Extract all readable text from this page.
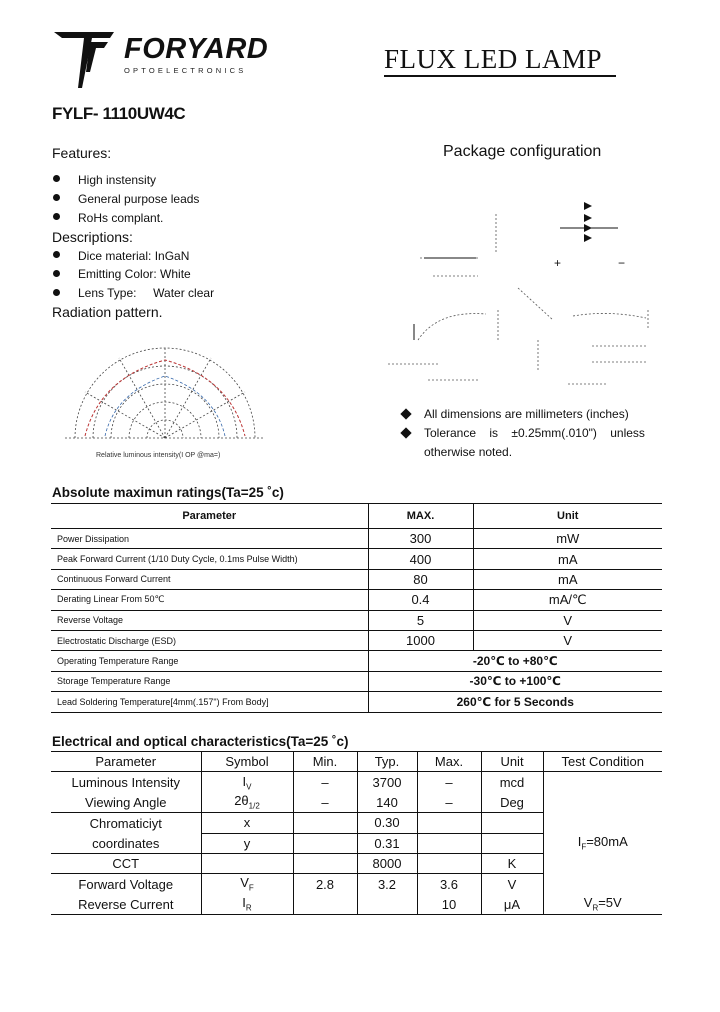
FORYARD
OPTOELECTRONICS	FLUX LED LAMP
FYLF- 1110UW4C
Features:
High instensity
General purpose leads
RoHs complant.
Descriptions:
Dice material: InGaN
Emitting Color: White
Lens Type:     Water clear
Radiation pattern.
Relative luminous intensity(I OP @ma=)
Package configuration
+	−
All dimensions are millimeters (inches)
Tolerance    is    ±0.25mm(.010")    unless
otherwise noted.
Absolute maximun ratings(Ta=25 ˚c)
Parameter	MAX.	Unit
Power Dissipation	300	mW
Peak Forward Current (1/10 Duty Cycle, 0.1ms Pulse Width)	400	mA
Continuous Forward Current	80	mA
Derating Linear From 50℃	0.4	mA/℃
Reverse Voltage	5	V
Electrostatic Discharge (ESD)	1000	V
Operating Temperature Range	-20℃ to +80℃	
Storage Temperature Range	-30℃ to +100℃	
Lead Soldering Temperature[4mm(.157") From Body]	260℃ for 5 Seconds	
Electrical and optical characteristics(Ta=25 ˚c)
Parameter	Symbol	Min.	Typ.	Max.	Unit	Test Condition
Luminous Intensity	$I_V$	–	3700	–	mcd	
Viewing Angle	$2\theta_{1/2}$	–	140	–	Deg	
Chromaticiyt	x		0.30			$I_F=80mA$
coordinates	y		0.31			
CCT			8000		K	
Forward Voltage	$V_F$	2.8	3.2	3.6	V	
Reverse Current	$I_R$			10	μA	$V_R=5V$
